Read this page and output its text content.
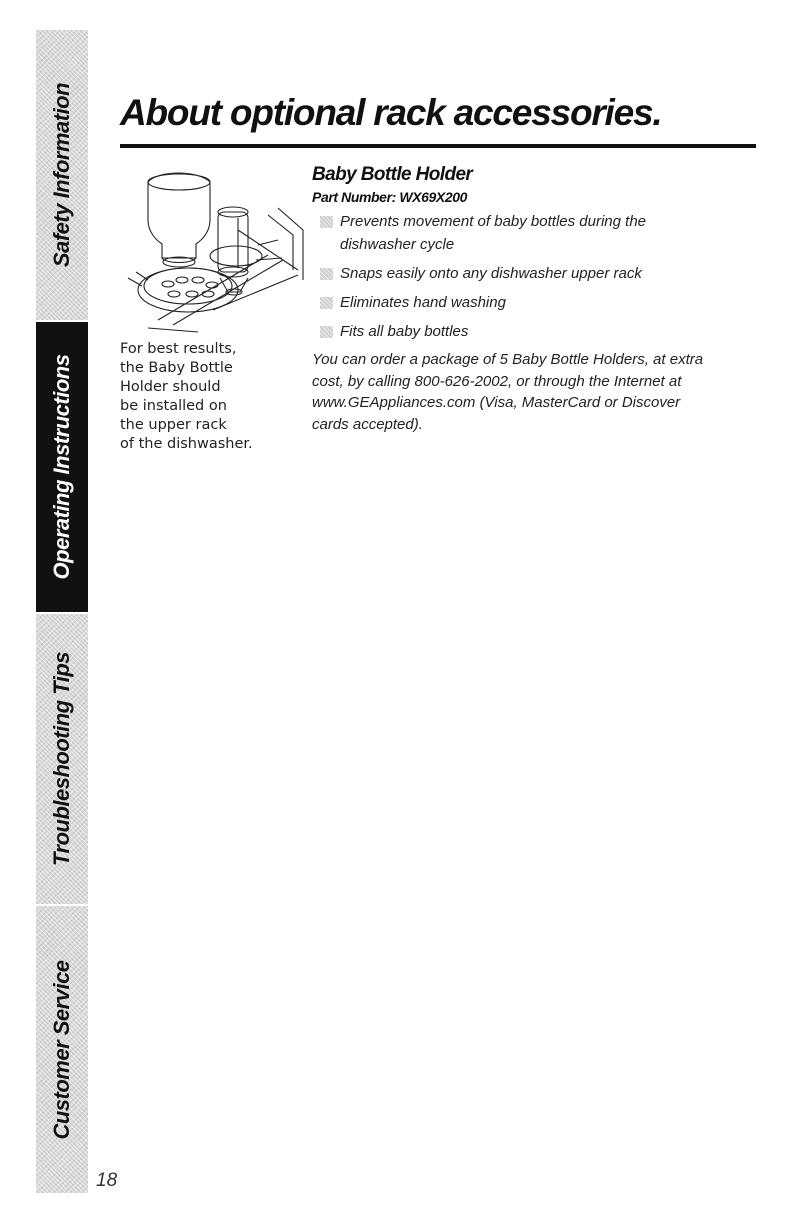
Safety Information
Operating Instructions
Troubleshooting Tips
Customer Service
About optional rack accessories.
For best results,
the Baby Bottle
Holder should
be installed on
the upper rack
of the dishwasher.
Baby Bottle Holder

Part Number: WX69X200

Prevents movement of baby bottles during the
dishwasher cycle
Snaps easily onto any dishwasher upper rack
Eliminates hand washing
Fits all baby bottles

You can order a package of 5 Baby Bottle Holders, at extra
cost, by calling 800-626-2002, or through the Internet at
www.GEAppliances.com (Visa, MasterCard or Discover
cards accepted).

18
